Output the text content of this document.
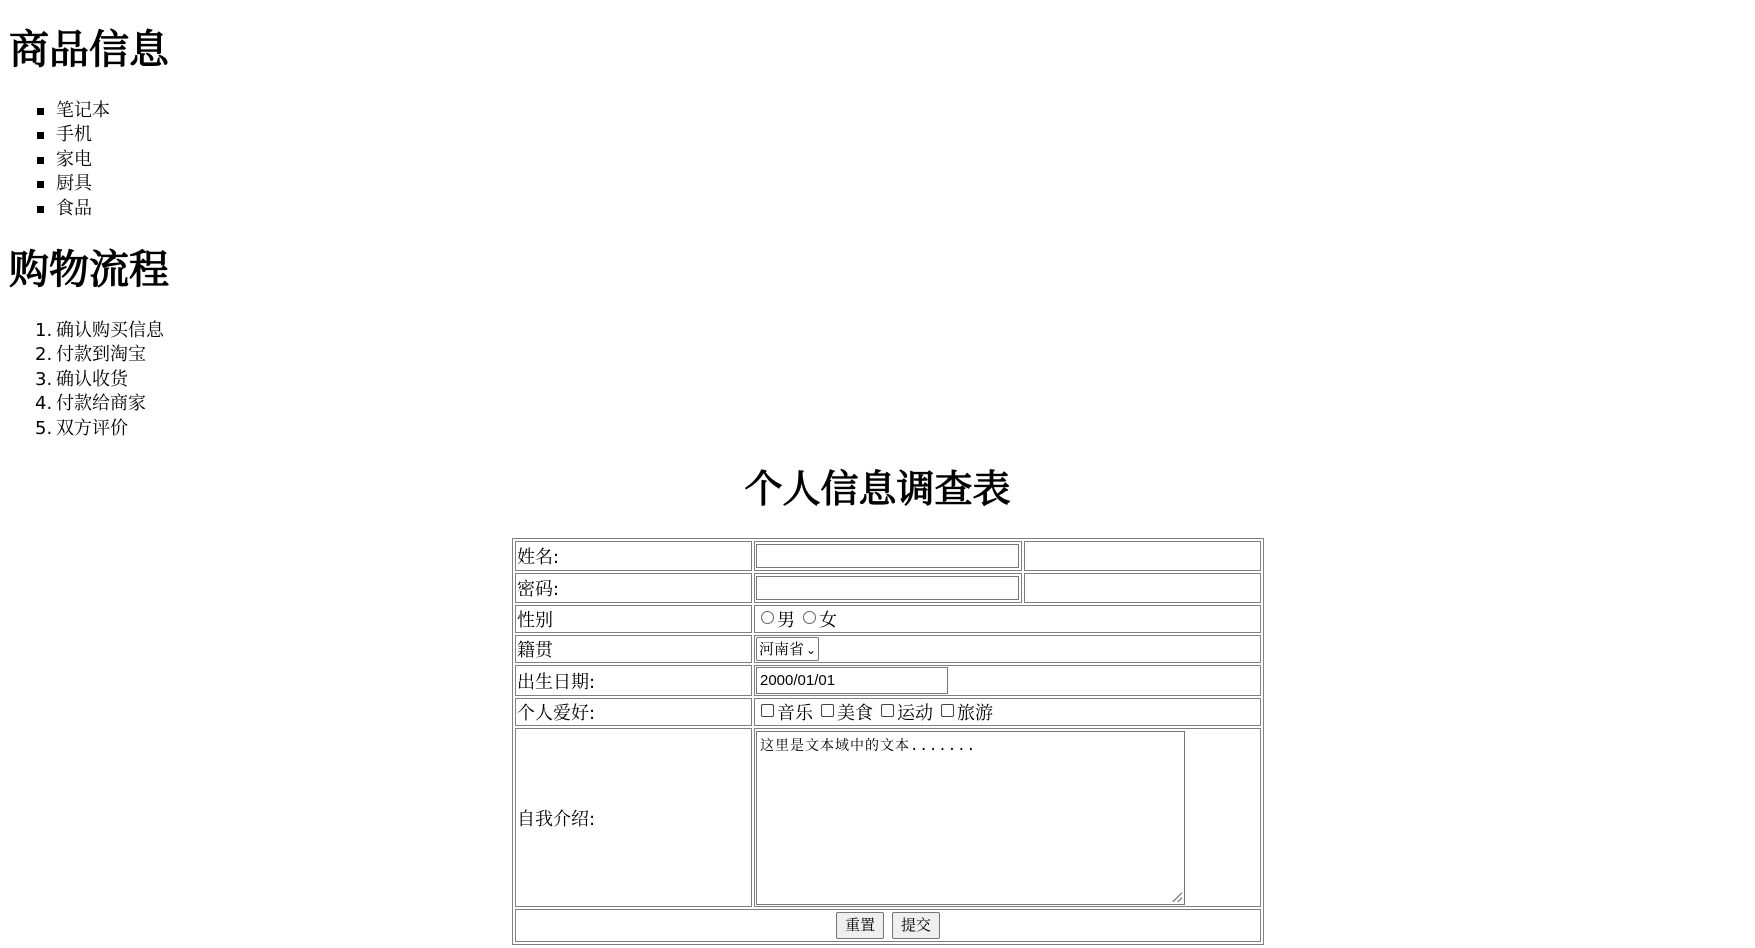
商品信息
笔记本
手机
家电
厨具
食品
购物流程
1. 确认购买信息
2. 付款到淘宝
3. 确认收货
4. 付款给商家
5. 双方评价
个人信息调查表
姓名:		
密码:		
性别	男 女	
籍贯	河南省 ⌄	
出生日期:	2000/01/01
个人爱好:	音乐 美食 运动 旅游	
自我介绍:	这里是文本域中的文本.......	

重置 提交		
